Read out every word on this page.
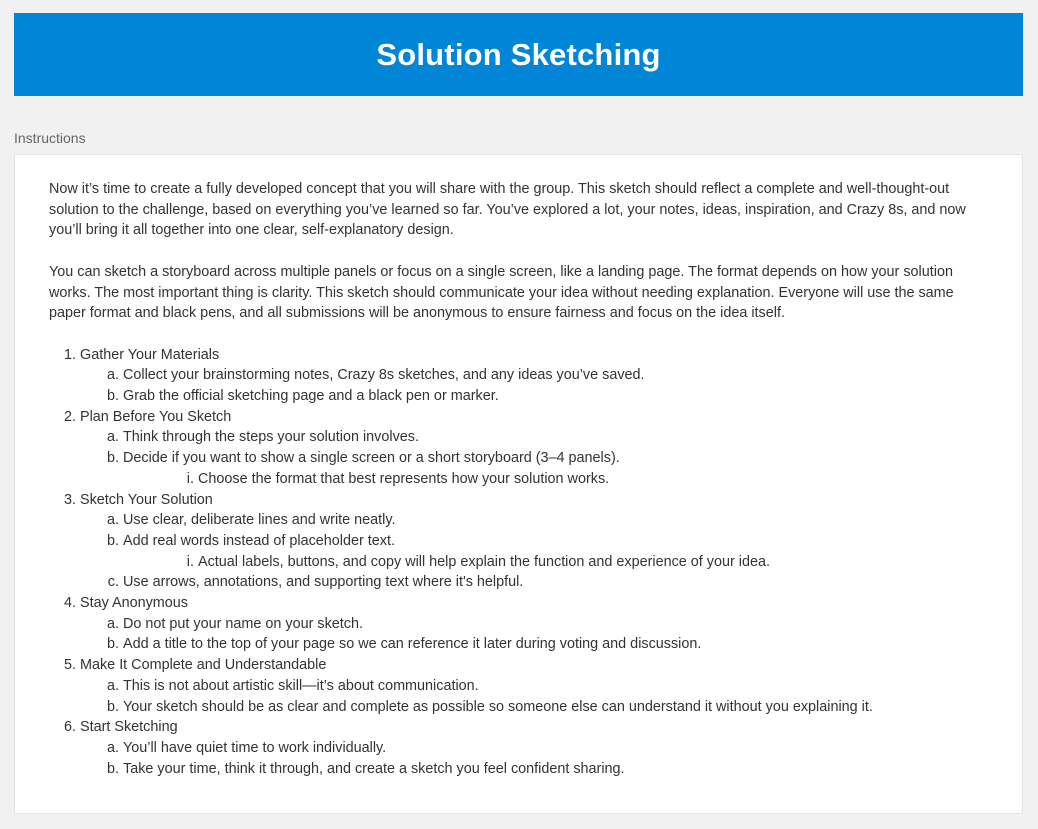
Solution Sketching
Instructions

Now it’s time to create a fully developed concept that you will share with the group. This sketch should reflect a complete and well-thought-out solution to the challenge, based on everything you’ve learned so far. You’ve explored a lot, your notes, ideas, inspiration, and Crazy 8s, and now you’ll bring it all together into one clear, self-explanatory design.

You can sketch a storyboard across multiple panels or focus on a single screen, like a landing page. The format depends on how your solution works. The most important thing is clarity. This sketch should communicate your idea without needing explanation. Everyone will use the same paper format and black pens, and all submissions will be anonymous to ensure fairness and focus on the idea itself.

1. Gather Your Materials
a. Collect your brainstorming notes, Crazy 8s sketches, and any ideas you’ve saved.
b. Grab the official sketching page and a black pen or marker.
2. Plan Before You Sketch
a. Think through the steps your solution involves.
b. Decide if you want to show a single screen or a short storyboard (3–4 panels).
i. Choose the format that best represents how your solution works.
3. Sketch Your Solution
a. Use clear, deliberate lines and write neatly.
b. Add real words instead of placeholder text.
i. Actual labels, buttons, and copy will help explain the function and experience of your idea.
c. Use arrows, annotations, and supporting text where it's helpful.
4. Stay Anonymous
a. Do not put your name on your sketch.
b. Add a title to the top of your page so we can reference it later during voting and discussion.
5. Make It Complete and Understandable
a. This is not about artistic skill—it’s about communication.
b. Your sketch should be as clear and complete as possible so someone else can understand it without you explaining it.
6. Start Sketching
a. You’ll have quiet time to work individually.
b. Take your time, think it through, and create a sketch you feel confident sharing.
